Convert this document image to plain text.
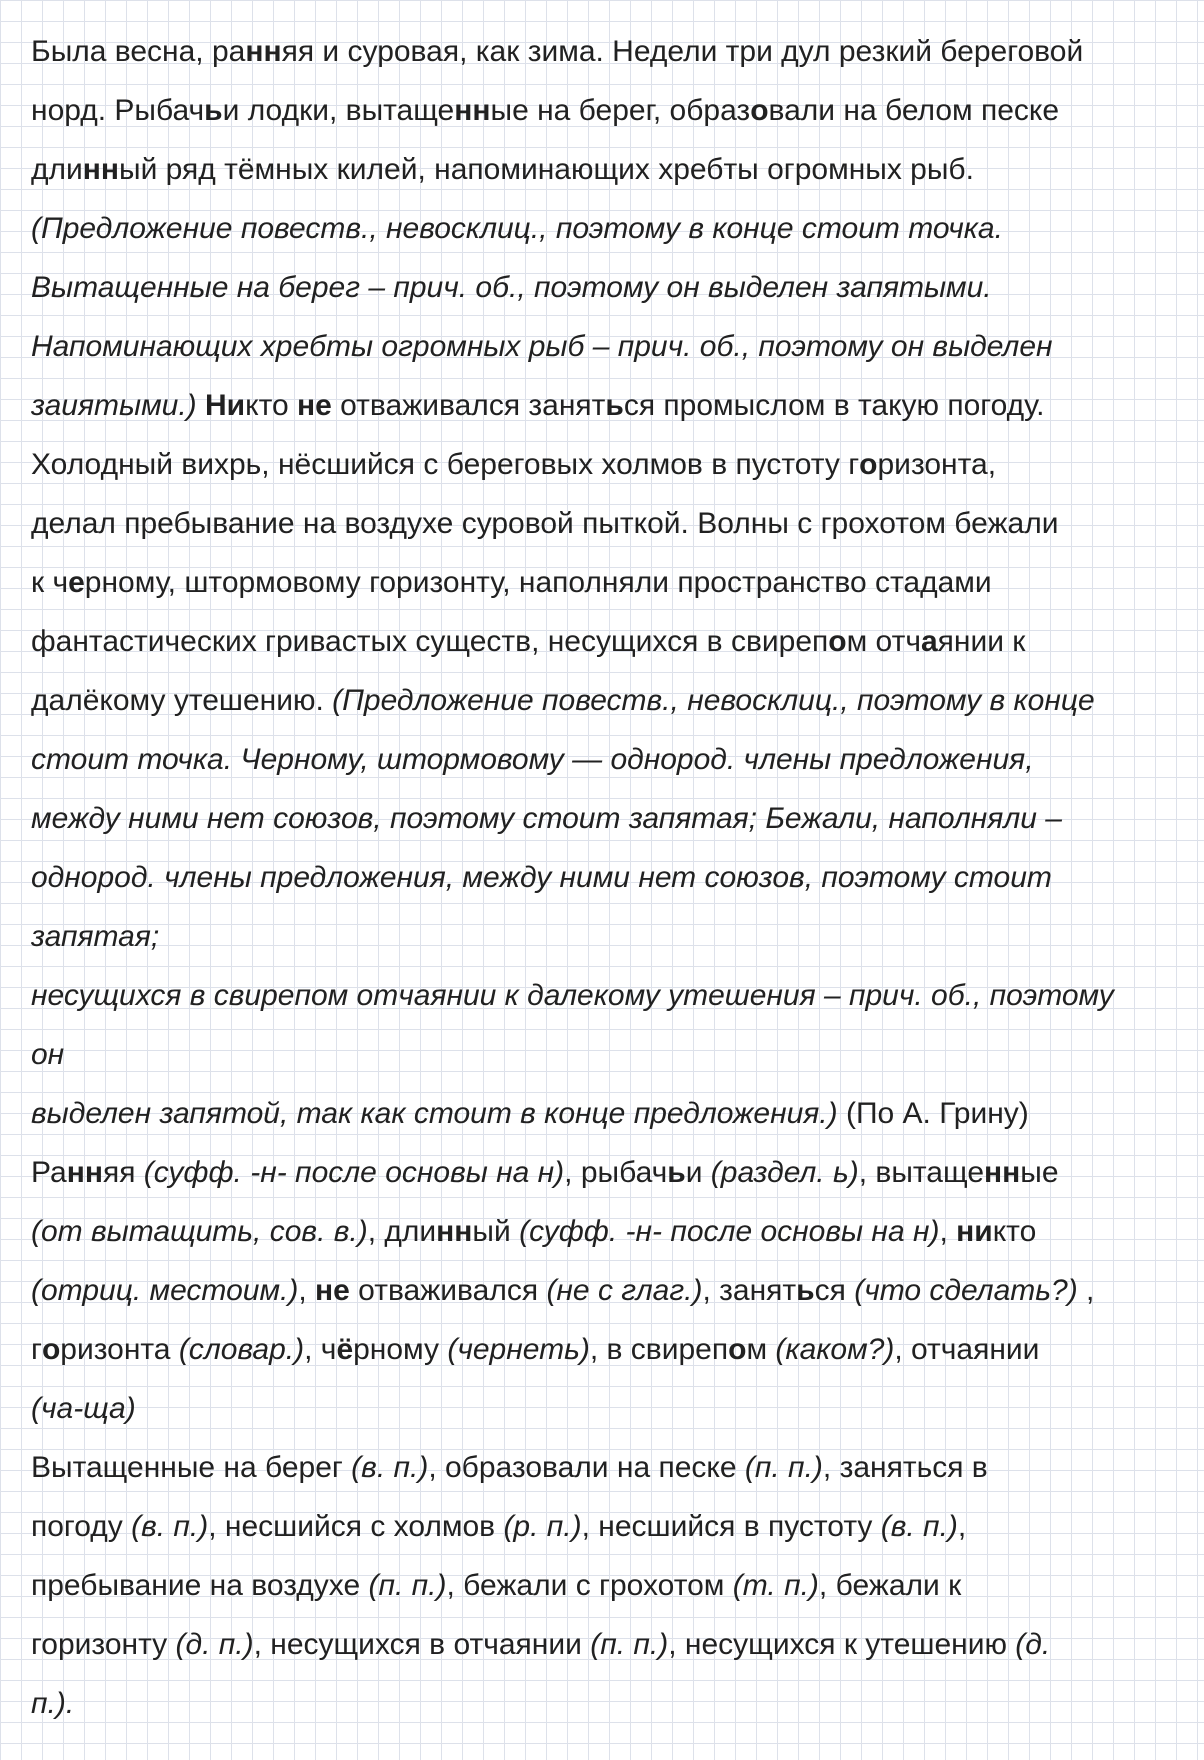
Была весна, ранняя и суровая, как зима. Недели три дул резкий береговой
норд. Рыбачьи лодки, вытащенные на берег, образовали на белом песке
длинный ряд тёмных килей, напоминающих хребты огромных рыб.
(Предложение повеств., невосклиц., поэтому в конце стоит точка.
Вытащенные на берег – прич. об., поэтому он выделен запятыми.
Напоминающих хребты огромных рыб – прич. об., поэтому он выделен
заиятыми.) Никто не отваживался заняться промыслом в такую погоду.
Холодный вихрь, нёсшийся с береговых холмов в пустоту горизонта,
делал пребывание на воздухе суровой пыткой. Волны с грохотом бежали
к черному, штормовому горизонту, наполняли пространство стадами
фантастических гривастых существ, несущихся в свирепом отчаянии к
далёкому утешению. (Предложение повеств., невосклиц., поэтому в конце
стоит точка. Черному, штормовому — однород. члены предложения,
между ними нет союзов, поэтому стоит запятая; Бежали, наполняли –
однород. члены предложения, между ними нет союзов, поэтому стоит
запятая;
несущихся в свирепом отчаянии к далекому утешения – прич. об., поэтому
он
выделен запятой, так как стоит в конце предложения.) (По А. Грину)
Ранняя (суфф. -н- после основы на н), рыбачьи (раздел. ь), вытащенные
(от вытащить, сов. в.), длинный (суфф. -н- после основы на н), никто
(отриц. местоим.), не отваживался (не с глаг.), заняться (что сделать?) ,
горизонта (словар.), чёрному (чернеть), в свирепом (каком?), отчаянии
(ча-ща)
Вытащенные на берег (в. п.), образовали на песке (п. п.), заняться в
погоду (в. п.), несшийся с холмов (р. п.), несшийся в пустоту (в. п.),
пребывание на воздухе (п. п.), бежали с грохотом (т. п.), бежали к
горизонту (д. п.), несущихся в отчаянии (п. п.), несущихся к утешению (д.
п.).
